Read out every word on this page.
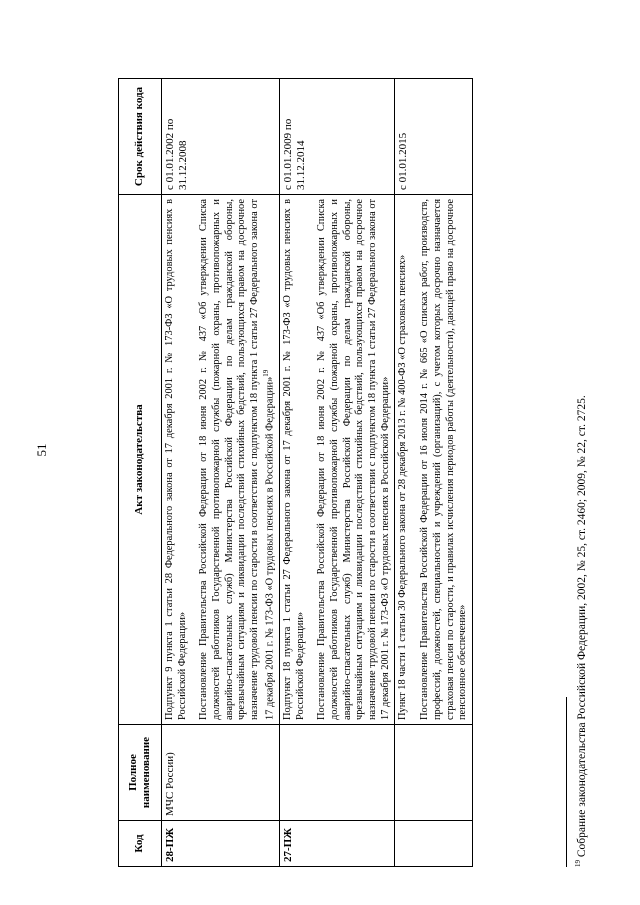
51
Код	Полное наименование	Акт законодательства	Срок действия кода
28-ПЖ	МЧС России)	Подпункт 9 пункта 1 статьи 28 Федерального закона от 17 декабря 2001 г. № 173-ФЗ «О трудовых пенсиях в Российской Федерации» Постановление Правительства Российской Федерации от 18 июня 2002 г. № 437 «Об утверждении Списка должностей работников Государственной противопожарной службы (пожарной охраны, противопожарных и аварийно-спасательных служб) Министерства Российской Федерации по делам гражданской обороны, чрезвычайным ситуациям и ликвидации последствий стихийных бедствий, пользующихся правом на досрочное назначение трудовой пенсии по старости в соответствии с подпунктом 18 пункта 1 статьи 27 Федерального закона от 17 декабря 2001 г. № 173-ФЗ «О трудовых пенсиях в Российской Федерации»$^{19}$	с 01.01.2002 по 31.12.2008
27-ПЖ		Подпункт 18 пункта 1 статьи 27 Федерального закона от 17 декабря 2001 г. № 173-ФЗ «О трудовых пенсиях в Российской Федерации» Постановление Правительства Российской Федерации от 18 июня 2002 г. № 437 «Об утверждении Списка должностей работников Государственной противопожарной службы (пожарной охраны, противопожарных и аварийно-спасательных служб) Министерства Российской Федерации по делам гражданской обороны, чрезвычайным ситуациям и ликвидации последствий стихийных бедствий, пользующихся правом на досрочное назначение трудовой пенсии по старости в соответствии с подпунктом 18 пункта 1 статьи 27 Федерального закона от 17 декабря 2001 г. № 173-ФЗ «О трудовых пенсиях в Российской Федерации»	с 01.01.2009 по 31.12.2014

		Пункт 18 части 1 статьи 30 Федерального закона от 28 декабря 2013 г. № 400-ФЗ «О страховых пенсиях» Постановление Правительства Российской Федерации от 16 июля 2014 г. № 665 «О списках работ, производств, профессий, должностей, специальностей и учреждений (организаций), с учетом которых досрочно назначается страховая пенсия по старости, и правилах исчисления периодов работы (деятельности), дающей право на досрочное пенсионное обеспечение»	с 01.01.2015
$^{19}$ Собрание законодательства Российской Федерации, 2002, № 25, ст. 2460; 2009, № 22, ст. 2725.
